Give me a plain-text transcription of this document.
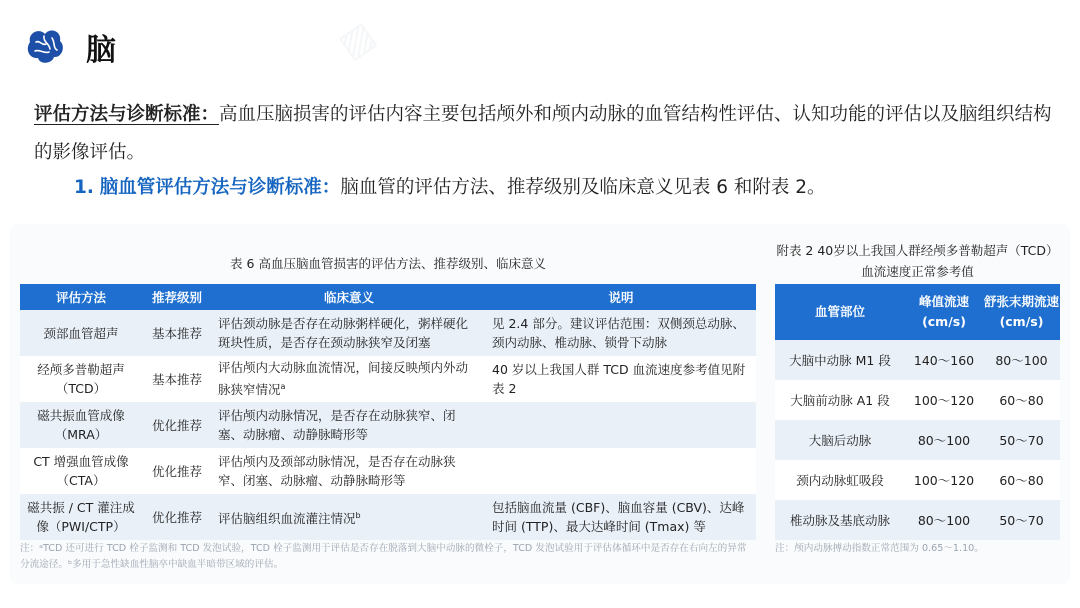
▨
脑
评估方法与诊断标准：高血压脑损害的评估内容主要包括颅外和颅内动脉的血管结构性评估、认知功能的评估以及脑组织结构的影像评估。
1. 脑血管评估方法与诊断标准：脑血管的评估方法、推荐级别及临床意义见表 6 和附表 2。
表 6 高血压脑血管损害的评估方法、推荐级别、临床意义
评估方法	推荐级别	临床意义	说明
颈部血管超声	基本推荐	评估颈动脉是否存在动脉粥样硬化，粥样硬化斑块性质，是否存在颈动脉狭窄及闭塞	见 2.4 部分。建议评估范围：双侧颈总动脉、颈内动脉、椎动脉、锁骨下动脉
经颅多普勒超声（TCD）	基本推荐	评估颅内大动脉血流情况，间接反映颅内外动脉狭窄情况$^a$	40 岁以上我国人群 TCD 血流速度参考值见附表 2
磁共振血管成像（MRA）	优化推荐	评估颅内动脉情况，是否存在动脉狭窄、闭塞、动脉瘤、动静脉畸形等	
CT 增强血管成像（CTA）	优化推荐	评估颅内及颈部动脉情况，是否存在动脉狭窄、闭塞、动脉瘤、动静脉畸形等	
磁共振 / CT 灌注成像（PWI/CTP）	优化推荐	评估脑组织血流灌注情况$^b$	包括脑血流量 (CBF)、脑血容量 (CBV)、达峰时间 (TTP)、最大达峰时间 (Tmax) 等
注：ᵃTCD 还可进行 TCD 栓子监测和 TCD 发泡试验，TCD 栓子监测用于评估是否存在脱落到大脑中动脉的微栓子，TCD 发泡试验用于评估体循环中是否存在右向左的异常分流途径。ᵇ多用于急性缺血性脑卒中缺血半暗带区域的评估。
附表 2 40岁以上我国人群经颅多普勒超声（TCD）血流速度正常参考值
血管部位	峰值流速(cm/s)	舒张末期流速(cm/s)
大脑中动脉 M1 段	140～160	80～100
大脑前动脉 A1 段	100～120	60～80
大脑后动脉	80～100	50～70
颈内动脉虹吸段	100～120	60～80
椎动脉及基底动脉	80～100	50～70
注：颅内动脉搏动指数正常范围为 0.65～1.10。
